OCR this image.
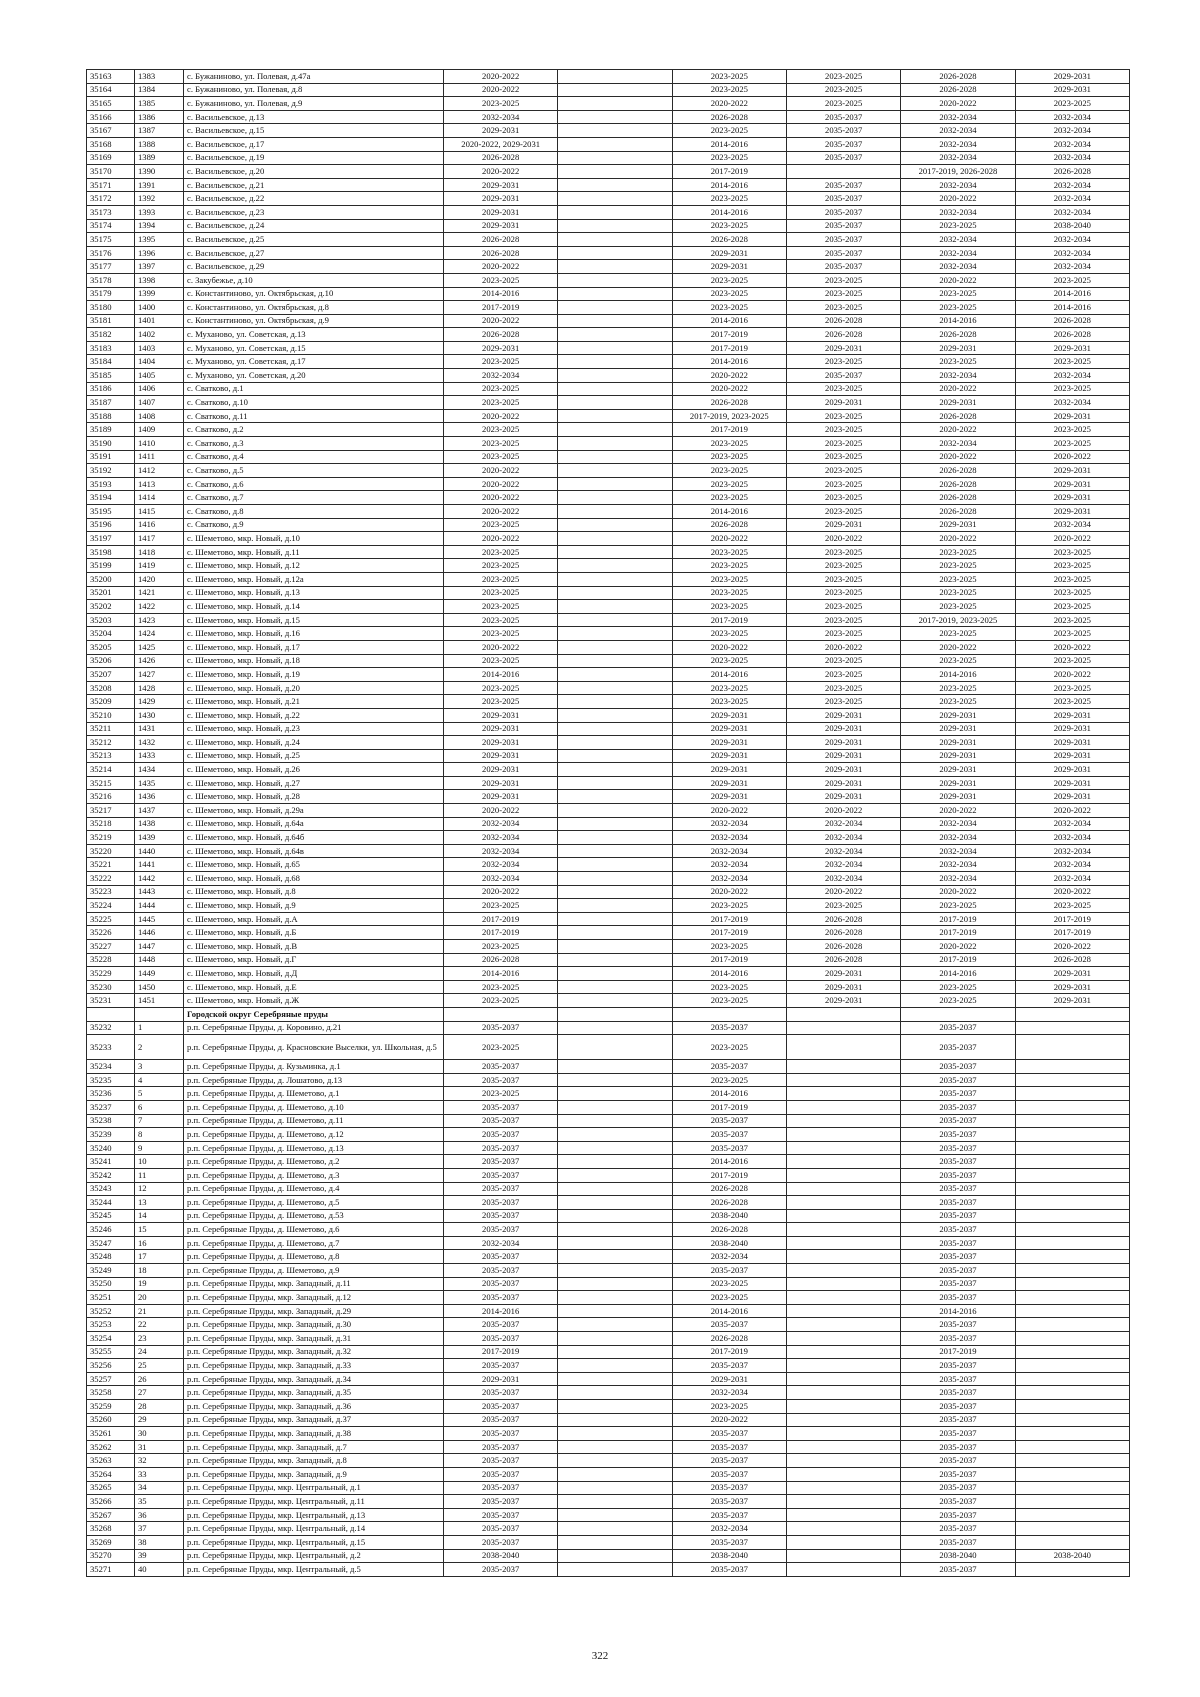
35163	1383	с. Бужаниново, ул. Полевая, д.47а	2020-2022		2023-2025	2023-2025	2026-2028	2029-2031
35164	1384	с. Бужаниново, ул. Полевая, д.8	2020-2022		2023-2025	2023-2025	2026-2028	2029-2031
35165	1385	с. Бужаниново, ул. Полевая, д.9	2023-2025		2020-2022	2023-2025	2020-2022	2023-2025
35166	1386	с. Васильевское, д.13	2032-2034		2026-2028	2035-2037	2032-2034	2032-2034
35167	1387	с. Васильевское, д.15	2029-2031		2023-2025	2035-2037	2032-2034	2032-2034
35168	1388	с. Васильевское, д.17	2020-2022, 2029-2031		2014-2016	2035-2037	2032-2034	2032-2034
35169	1389	с. Васильевское, д.19	2026-2028		2023-2025	2035-2037	2032-2034	2032-2034
35170	1390	с. Васильевское, д.20	2020-2022		2017-2019		2017-2019, 2026-2028	2026-2028
35171	1391	с. Васильевское, д.21	2029-2031		2014-2016	2035-2037	2032-2034	2032-2034
35172	1392	с. Васильевское, д.22	2029-2031		2023-2025	2035-2037	2020-2022	2032-2034
35173	1393	с. Васильевское, д.23	2029-2031		2014-2016	2035-2037	2032-2034	2032-2034
35174	1394	с. Васильевское, д.24	2029-2031		2023-2025	2035-2037	2023-2025	2038-2040
35175	1395	с. Васильевское, д.25	2026-2028		2026-2028	2035-2037	2032-2034	2032-2034
35176	1396	с. Васильевское, д.27	2026-2028		2029-2031	2035-2037	2032-2034	2032-2034
35177	1397	с. Васильевское, д.29	2020-2022		2029-2031	2035-2037	2032-2034	2032-2034
35178	1398	с. Закубежье, д.10	2023-2025		2023-2025	2023-2025	2020-2022	2023-2025
35179	1399	с. Константиново, ул. Октябрьская, д.10	2014-2016		2023-2025	2023-2025	2023-2025	2014-2016
35180	1400	с. Константиново, ул. Октябрьская, д.8	2017-2019		2023-2025	2023-2025	2023-2025	2014-2016
35181	1401	с. Константиново, ул. Октябрьская, д.9	2020-2022		2014-2016	2026-2028	2014-2016	2026-2028
35182	1402	с. Муханово, ул. Советская, д.13	2026-2028		2017-2019	2026-2028	2026-2028	2026-2028
35183	1403	с. Муханово, ул. Советская, д.15	2029-2031		2017-2019	2029-2031	2029-2031	2029-2031
35184	1404	с. Муханово, ул. Советская, д.17	2023-2025		2014-2016	2023-2025	2023-2025	2023-2025
35185	1405	с. Муханово, ул. Советская, д.20	2032-2034		2020-2022	2035-2037	2032-2034	2032-2034
35186	1406	с. Сватково, д.1	2023-2025		2020-2022	2023-2025	2020-2022	2023-2025
35187	1407	с. Сватково, д.10	2023-2025		2026-2028	2029-2031	2029-2031	2032-2034
35188	1408	с. Сватково, д.11	2020-2022		2017-2019, 2023-2025	2023-2025	2026-2028	2029-2031
35189	1409	с. Сватково, д.2	2023-2025		2017-2019	2023-2025	2020-2022	2023-2025
35190	1410	с. Сватково, д.3	2023-2025		2023-2025	2023-2025	2032-2034	2023-2025
35191	1411	с. Сватково, д.4	2023-2025		2023-2025	2023-2025	2020-2022	2020-2022
35192	1412	с. Сватково, д.5	2020-2022		2023-2025	2023-2025	2026-2028	2029-2031
35193	1413	с. Сватково, д.6	2020-2022		2023-2025	2023-2025	2026-2028	2029-2031
35194	1414	с. Сватково, д.7	2020-2022		2023-2025	2023-2025	2026-2028	2029-2031
35195	1415	с. Сватково, д.8	2020-2022		2014-2016	2023-2025	2026-2028	2029-2031
35196	1416	с. Сватково, д.9	2023-2025		2026-2028	2029-2031	2029-2031	2032-2034
35197	1417	с. Шеметово, мкр. Новый, д.10	2020-2022		2020-2022	2020-2022	2020-2022	2020-2022
35198	1418	с. Шеметово, мкр. Новый, д.11	2023-2025		2023-2025	2023-2025	2023-2025	2023-2025
35199	1419	с. Шеметово, мкр. Новый, д.12	2023-2025		2023-2025	2023-2025	2023-2025	2023-2025
35200	1420	с. Шеметово, мкр. Новый, д.12а	2023-2025		2023-2025	2023-2025	2023-2025	2023-2025
35201	1421	с. Шеметово, мкр. Новый, д.13	2023-2025		2023-2025	2023-2025	2023-2025	2023-2025
35202	1422	с. Шеметово, мкр. Новый, д.14	2023-2025		2023-2025	2023-2025	2023-2025	2023-2025
35203	1423	с. Шеметово, мкр. Новый, д.15	2023-2025		2017-2019	2023-2025	2017-2019, 2023-2025	2023-2025
35204	1424	с. Шеметово, мкр. Новый, д.16	2023-2025		2023-2025	2023-2025	2023-2025	2023-2025
35205	1425	с. Шеметово, мкр. Новый, д.17	2020-2022		2020-2022	2020-2022	2020-2022	2020-2022
35206	1426	с. Шеметово, мкр. Новый, д.18	2023-2025		2023-2025	2023-2025	2023-2025	2023-2025
35207	1427	с. Шеметово, мкр. Новый, д.19	2014-2016		2014-2016	2023-2025	2014-2016	2020-2022
35208	1428	с. Шеметово, мкр. Новый, д.20	2023-2025		2023-2025	2023-2025	2023-2025	2023-2025
35209	1429	с. Шеметово, мкр. Новый, д.21	2023-2025		2023-2025	2023-2025	2023-2025	2023-2025
35210	1430	с. Шеметово, мкр. Новый, д.22	2029-2031		2029-2031	2029-2031	2029-2031	2029-2031
35211	1431	с. Шеметово, мкр. Новый, д.23	2029-2031		2029-2031	2029-2031	2029-2031	2029-2031
35212	1432	с. Шеметово, мкр. Новый, д.24	2029-2031		2029-2031	2029-2031	2029-2031	2029-2031
35213	1433	с. Шеметово, мкр. Новый, д.25	2029-2031		2029-2031	2029-2031	2029-2031	2029-2031
35214	1434	с. Шеметово, мкр. Новый, д.26	2029-2031		2029-2031	2029-2031	2029-2031	2029-2031
35215	1435	с. Шеметово, мкр. Новый, д.27	2029-2031		2029-2031	2029-2031	2029-2031	2029-2031
35216	1436	с. Шеметово, мкр. Новый, д.28	2029-2031		2029-2031	2029-2031	2029-2031	2029-2031
35217	1437	с. Шеметово, мкр. Новый, д.29а	2020-2022		2020-2022	2020-2022	2020-2022	2020-2022
35218	1438	с. Шеметово, мкр. Новый, д.64а	2032-2034		2032-2034	2032-2034	2032-2034	2032-2034
35219	1439	с. Шеметово, мкр. Новый, д.64б	2032-2034		2032-2034	2032-2034	2032-2034	2032-2034
35220	1440	с. Шеметово, мкр. Новый, д.64в	2032-2034		2032-2034	2032-2034	2032-2034	2032-2034
35221	1441	с. Шеметово, мкр. Новый, д.65	2032-2034		2032-2034	2032-2034	2032-2034	2032-2034
35222	1442	с. Шеметово, мкр. Новый, д.68	2032-2034		2032-2034	2032-2034	2032-2034	2032-2034
35223	1443	с. Шеметово, мкр. Новый, д.8	2020-2022		2020-2022	2020-2022	2020-2022	2020-2022
35224	1444	с. Шеметово, мкр. Новый, д.9	2023-2025		2023-2025	2023-2025	2023-2025	2023-2025
35225	1445	с. Шеметово, мкр. Новый, д.А	2017-2019		2017-2019	2026-2028	2017-2019	2017-2019
35226	1446	с. Шеметово, мкр. Новый, д.Б	2017-2019		2017-2019	2026-2028	2017-2019	2017-2019
35227	1447	с. Шеметово, мкр. Новый, д.В	2023-2025		2023-2025	2026-2028	2020-2022	2020-2022
35228	1448	с. Шеметово, мкр. Новый, д.Г	2026-2028		2017-2019	2026-2028	2017-2019	2026-2028
35229	1449	с. Шеметово, мкр. Новый, д.Д	2014-2016		2014-2016	2029-2031	2014-2016	2029-2031
35230	1450	с. Шеметово, мкр. Новый, д.Е	2023-2025		2023-2025	2029-2031	2023-2025	2029-2031
35231	1451	с. Шеметово, мкр. Новый, д.Ж	2023-2025		2023-2025	2029-2031	2023-2025	2029-2031
		Городской округ Серебряные пруды						
35232	1	р.п. Серебряные Пруды, д. Коровино, д.21	2035-2037		2035-2037		2035-2037	
35233	2	р.п. Серебряные Пруды, д. Красновские Выселки, ул. Школьная, д.5	2023-2025		2023-2025		2035-2037	
35234	3	р.п. Серебряные Пруды, д. Кузьминка, д.1	2035-2037		2035-2037		2035-2037	
35235	4	р.п. Серебряные Пруды, д. Лошатово, д.13	2035-2037		2023-2025		2035-2037	
35236	5	р.п. Серебряные Пруды, д. Шеметово, д.1	2023-2025		2014-2016		2035-2037	
35237	6	р.п. Серебряные Пруды, д. Шеметово, д.10	2035-2037		2017-2019		2035-2037	
35238	7	р.п. Серебряные Пруды, д. Шеметово, д.11	2035-2037		2035-2037		2035-2037	
35239	8	р.п. Серебряные Пруды, д. Шеметово, д.12	2035-2037		2035-2037		2035-2037	
35240	9	р.п. Серебряные Пруды, д. Шеметово, д.13	2035-2037		2035-2037		2035-2037	
35241	10	р.п. Серебряные Пруды, д. Шеметово, д.2	2035-2037		2014-2016		2035-2037	
35242	11	р.п. Серебряные Пруды, д. Шеметово, д.3	2035-2037		2017-2019		2035-2037	
35243	12	р.п. Серебряные Пруды, д. Шеметово, д.4	2035-2037		2026-2028		2035-2037	
35244	13	р.п. Серебряные Пруды, д. Шеметово, д.5	2035-2037		2026-2028		2035-2037	
35245	14	р.п. Серебряные Пруды, д. Шеметово, д.53	2035-2037		2038-2040		2035-2037	
35246	15	р.п. Серебряные Пруды, д. Шеметово, д.6	2035-2037		2026-2028		2035-2037	
35247	16	р.п. Серебряные Пруды, д. Шеметово, д.7	2032-2034		2038-2040		2035-2037	
35248	17	р.п. Серебряные Пруды, д. Шеметово, д.8	2035-2037		2032-2034		2035-2037	
35249	18	р.п. Серебряные Пруды, д. Шеметово, д.9	2035-2037		2035-2037		2035-2037	
35250	19	р.п. Серебряные Пруды, мкр. Западный, д.11	2035-2037		2023-2025		2035-2037	
35251	20	р.п. Серебряные Пруды, мкр. Западный, д.12	2035-2037		2023-2025		2035-2037	
35252	21	р.п. Серебряные Пруды, мкр. Западный, д.29	2014-2016		2014-2016		2014-2016	
35253	22	р.п. Серебряные Пруды, мкр. Западный, д.30	2035-2037		2035-2037		2035-2037	
35254	23	р.п. Серебряные Пруды, мкр. Западный, д.31	2035-2037		2026-2028		2035-2037	
35255	24	р.п. Серебряные Пруды, мкр. Западный, д.32	2017-2019		2017-2019		2017-2019	
35256	25	р.п. Серебряные Пруды, мкр. Западный, д.33	2035-2037		2035-2037		2035-2037	
35257	26	р.п. Серебряные Пруды, мкр. Западный, д.34	2029-2031		2029-2031		2035-2037	
35258	27	р.п. Серебряные Пруды, мкр. Западный, д.35	2035-2037		2032-2034		2035-2037	
35259	28	р.п. Серебряные Пруды, мкр. Западный, д.36	2035-2037		2023-2025		2035-2037	
35260	29	р.п. Серебряные Пруды, мкр. Западный, д.37	2035-2037		2020-2022		2035-2037	
35261	30	р.п. Серебряные Пруды, мкр. Западный, д.38	2035-2037		2035-2037		2035-2037	
35262	31	р.п. Серебряные Пруды, мкр. Западный, д.7	2035-2037		2035-2037		2035-2037	
35263	32	р.п. Серебряные Пруды, мкр. Западный, д.8	2035-2037		2035-2037		2035-2037	
35264	33	р.п. Серебряные Пруды, мкр. Западный, д.9	2035-2037		2035-2037		2035-2037	
35265	34	р.п. Серебряные Пруды, мкр. Центральный, д.1	2035-2037		2035-2037		2035-2037	
35266	35	р.п. Серебряные Пруды, мкр. Центральный, д.11	2035-2037		2035-2037		2035-2037	
35267	36	р.п. Серебряные Пруды, мкр. Центральный, д.13	2035-2037		2035-2037		2035-2037	
35268	37	р.п. Серебряные Пруды, мкр. Центральный, д.14	2035-2037		2032-2034		2035-2037	
35269	38	р.п. Серебряные Пруды, мкр. Центральный, д.15	2035-2037		2035-2037		2035-2037	
35270	39	р.п. Серебряные Пруды, мкр. Центральный, д.2	2038-2040		2038-2040		2038-2040	2038-2040
35271	40	р.п. Серебряные Пруды, мкр. Центральный, д.5	2035-2037		2035-2037		2035-2037	
322
